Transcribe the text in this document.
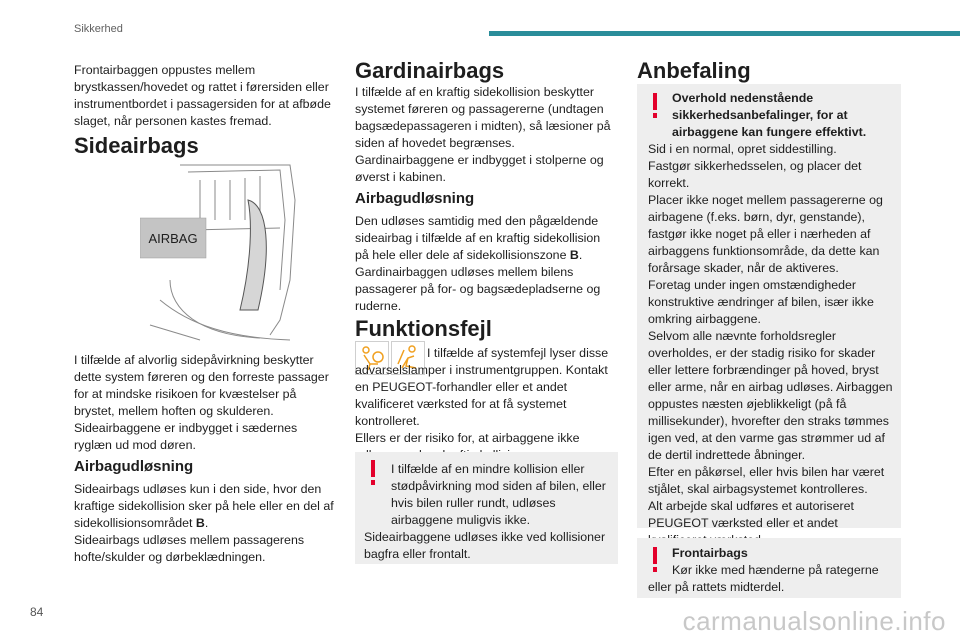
Sikkerhed

Frontairbaggen oppustes mellem brystkassen/hovedet og rattet i førersiden eller instrumentbordet i passagersiden for at afbøde slaget, når personen kastes fremad.

Sideairbags
AIRBAG

I tilfælde af alvorlig sidepåvirkning beskytter dette system føreren og den forreste passager for at mindske risikoen for kvæstelser på brystet, mellem hoften og skulderen.
Sideairbaggene er indbygget i sædernes ryglæn ud mod døren.

Airbagudløsning

Sideairbags udløses kun i den side, hvor den kraftige sidekollision sker på hele eller en del af sidekollisionsområdet B.
Sideairbags udløses mellem passagerens hofte/skulder og dørbeklædningen.

Gardinairbags

I tilfælde af en kraftig sidekollision beskytter systemet føreren og passagererne (undtagen bagsædepassageren i midten), så læsioner på siden af hovedet begrænses.
Gardinairbaggene er indbygget i stolperne og øverst i kabinen.

Airbagudløsning

Den udløses samtidig med den pågældende sideairbag i tilfælde af en kraftig sidekollision på hele eller dele af sidekollisionszone B.
Gardinairbaggen udløses mellem bilens passagerer på for- og bagsædepladserne og ruderne.

Funktionsfejl

I tilfælde af systemfejl lyser disse advarselslamper i instrumentgruppen. Kontakt en PEUGEOT-forhandler eller et andet kvalificeret værksted for at få systemet kontrolleret.
Ellers er der risiko for, at airbaggene ikke

I tilfælde af en mindre kollision eller stødpåvirkning mod siden af bilen, eller hvis bilen ruller rundt, udløses airbaggene muligvis ikke.
Sideairbaggene udløses ikke ved kollisioner bagfra eller frontalt.

Anbefaling

Overhold nedenstående sikkerhedsanbefalinger, for at airbaggene kan fungere effektivt.
Sid i en normal, opret siddestilling.
Fastgør sikkerhedsselen, og placer det korrekt.
Placer ikke noget mellem passagererne og airbagene (f.eks. børn, dyr, genstande), fastgør ikke noget på eller i nærheden af airbaggens funktionsområde, da dette kan forårsage skader, når de aktiveres.
Foretag under ingen omstændigheder konstruktive ændringer af bilen, især ikke omkring airbaggene.
Selvom alle nævnte forholdsregler overholdes, er der stadig risiko for skader eller lettere forbrændinger på hoved, bryst eller arme, når en airbag udløses. Airbaggen oppustes næsten øjeblikkeligt (på få millisekunder), hvorefter den straks tømmes igen ved, at den varme gas strømmer ud af de dertil indrettede åbninger.
Efter en påkørsel, eller hvis bilen har været stjålet, skal airbagsystemet kontrolleres.
Alt arbejde skal udføres et autoriseret PEUGEOT værksted eller et andet

Frontairbags
Kør ikke med hænderne på rategerne eller på rattets midterdel.

84	carmanualsonline.info
